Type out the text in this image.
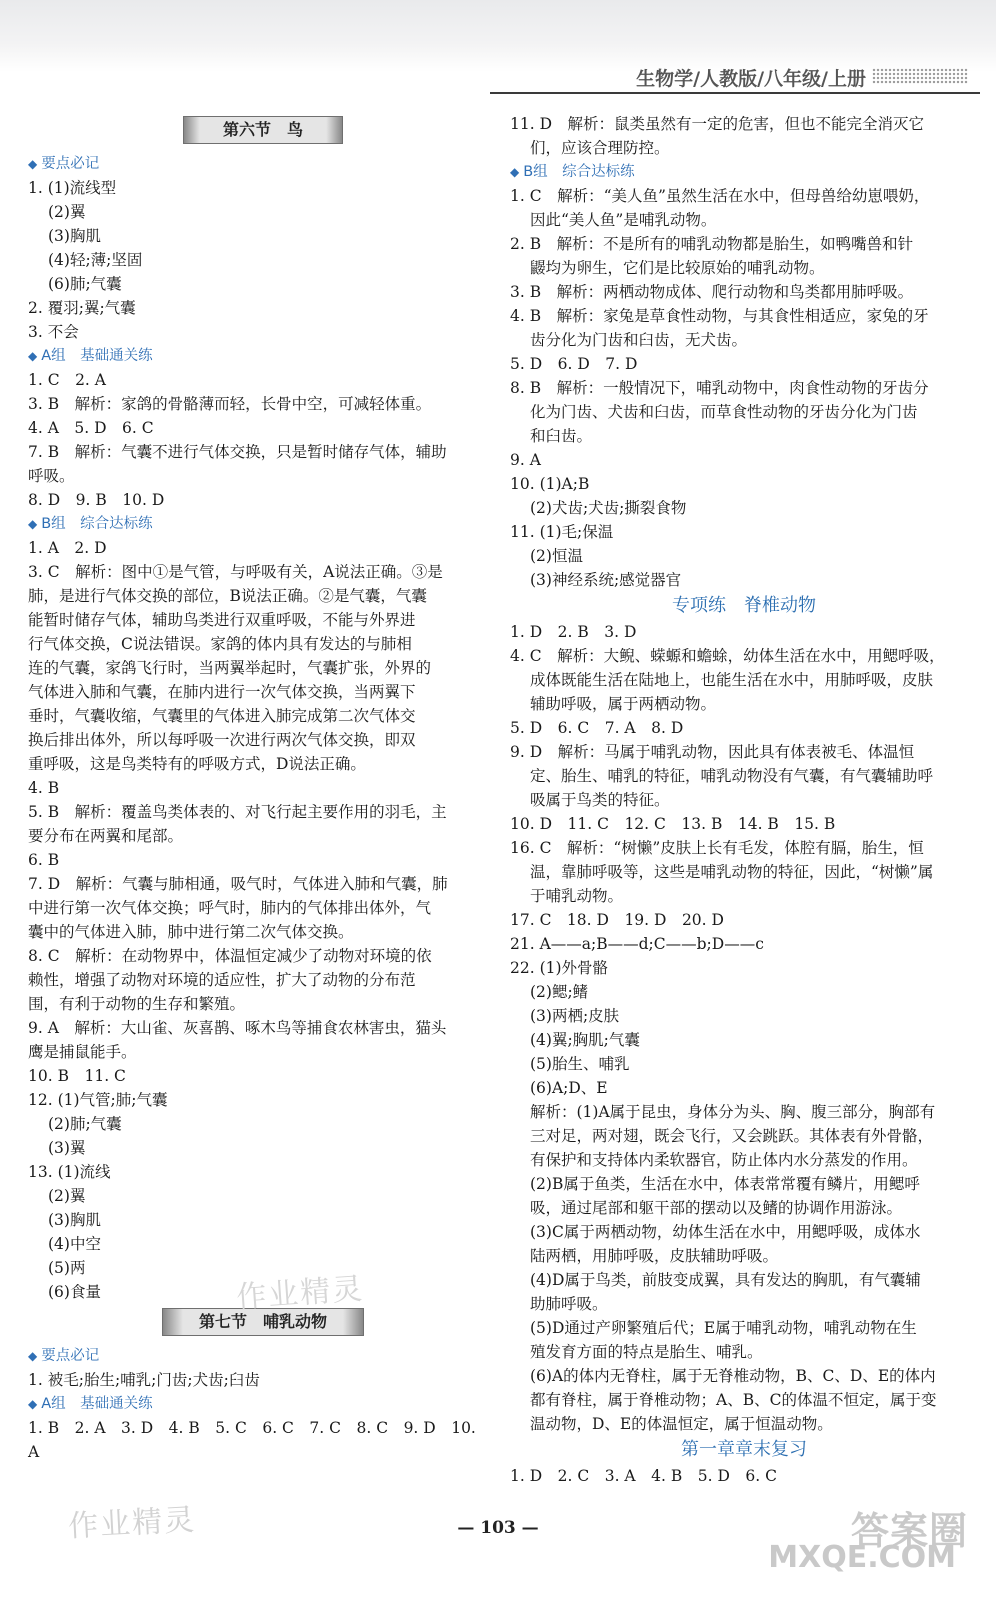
生物学/人教版/八年级/上册
第六节　鸟
◆ 要点必记
1. (1)流线型
(2)翼
(3)胸肌
(4)轻;薄;坚固
(6)肺;气囊
2. 覆羽;翼;气囊
3. 不会
◆ A组　基础通关练
1. C　2. A
3. B　解析：家鸽的骨骼薄而轻，长骨中空，可减轻体重。
4. A　5. D　6. C
7. B　解析：气囊不进行气体交换，只是暂时储存气体，辅助
呼吸。
8. D　9. B　10. D
◆ B组　综合达标练
1. A　2. D
3. C　解析：图中①是气管，与呼吸有关，A说法正确。③是
肺，是进行气体交换的部位，B说法正确。②是气囊，气囊
能暂时储存气体，辅助鸟类进行双重呼吸，不能与外界进
行气体交换，C说法错误。家鸽的体内具有发达的与肺相
连的气囊，家鸽飞行时，当两翼举起时，气囊扩张，外界的
气体进入肺和气囊，在肺内进行一次气体交换，当两翼下
垂时，气囊收缩，气囊里的气体进入肺完成第二次气体交
换后排出体外，所以每呼吸一次进行两次气体交换，即双
重呼吸，这是鸟类特有的呼吸方式，D说法正确。
4. B
5. B　解析：覆盖鸟类体表的、对飞行起主要作用的羽毛，主
要分布在两翼和尾部。
6. B
7. D　解析：气囊与肺相通，吸气时，气体进入肺和气囊，肺
中进行第一次气体交换；呼气时，肺内的气体排出体外，气
囊中的气体进入肺，肺中进行第二次气体交换。
8. C　解析：在动物界中，体温恒定减少了动物对环境的依
赖性，增强了动物对环境的适应性，扩大了动物的分布范
围，有利于动物的生存和繁殖。
9. A　解析：大山雀、灰喜鹊、啄木鸟等捕食农林害虫，猫头
鹰是捕鼠能手。
10. B　11. C
12. (1)气管;肺;气囊
(2)肺;气囊
(3)翼
13. (1)流线
(2)翼
(3)胸肌
(4)中空
(5)两
(6)食量
第七节　哺乳动物
◆ 要点必记
1. 被毛;胎生;哺乳;门齿;犬齿;臼齿
◆ A组　基础通关练
1. B　2. A　3. D　4. B　5. C　6. C　7. C　8. C　9. D　10.
A
11. D　解析：鼠类虽然有一定的危害，但也不能完全消灭它
们，应该合理防控。
◆ B组　综合达标练
1. C　解析：“美人鱼”虽然生活在水中，但母兽给幼崽喂奶，
因此“美人鱼”是哺乳动物。
2. B　解析：不是所有的哺乳动物都是胎生，如鸭嘴兽和针
鼹均为卵生，它们是比较原始的哺乳动物。
3. B　解析：两栖动物成体、爬行动物和鸟类都用肺呼吸。
4. B　解析：家兔是草食性动物，与其食性相适应，家兔的牙
齿分化为门齿和臼齿，无犬齿。
5. D　6. D　7. D
8. B　解析：一般情况下，哺乳动物中，肉食性动物的牙齿分
化为门齿、犬齿和臼齿，而草食性动物的牙齿分化为门齿
和臼齿。
9. A
10. (1)A;B
(2)犬齿;犬齿;撕裂食物
11. (1)毛;保温
(2)恒温
(3)神经系统;感觉器官
专项练　脊椎动物
1. D　2. B　3. D
4. C　解析：大鲵、蝾螈和蟾蜍，幼体生活在水中，用鳃呼吸，
成体既能生活在陆地上，也能生活在水中，用肺呼吸，皮肤
辅助呼吸，属于两栖动物。
5. D　6. C　7. A　8. D
9. D　解析：马属于哺乳动物，因此具有体表被毛、体温恒
定、胎生、哺乳的特征，哺乳动物没有气囊，有气囊辅助呼
吸属于鸟类的特征。
10. D　11. C　12. C　13. B　14. B　15. B
16. C　解析：“树懒”皮肤上长有毛发，体腔有膈，胎生，恒
温，靠肺呼吸等，这些是哺乳动物的特征，因此，“树懒”属
于哺乳动物。
17. C　18. D　19. D　20. D
21. A——a;B——d;C——b;D——c
22. (1)外骨骼
(2)鳃;鳍
(3)两栖;皮肤
(4)翼;胸肌;气囊
(5)胎生、哺乳
(6)A;D、E
解析：(1)A属于昆虫，身体分为头、胸、腹三部分，胸部有
三对足，两对翅，既会飞行，又会跳跃。其体表有外骨骼，
有保护和支持体内柔软器官，防止体内水分蒸发的作用。
(2)B属于鱼类，生活在水中，体表常常覆有鳞片，用鳃呼
吸，通过尾部和躯干部的摆动以及鳍的协调作用游泳。
(3)C属于两栖动物，幼体生活在水中，用鳃呼吸，成体水
陆两栖，用肺呼吸，皮肤辅助呼吸。
(4)D属于鸟类，前肢变成翼，具有发达的胸肌，有气囊辅
助肺呼吸。
(5)D通过产卵繁殖后代；E属于哺乳动物，哺乳动物在生
殖发育方面的特点是胎生、哺乳。
(6)A的体内无脊柱，属于无脊椎动物，B、C、D、E的体内
都有脊柱，属于脊椎动物；A、B、C的体温不恒定，属于变
温动物，D、E的体温恒定，属于恒温动物。
第一章章末复习
1. D　2. C　3. A　4. B　5. D　6. C
作业精灵
作业精灵	答案圈
MXQE.COM
— 103 —
